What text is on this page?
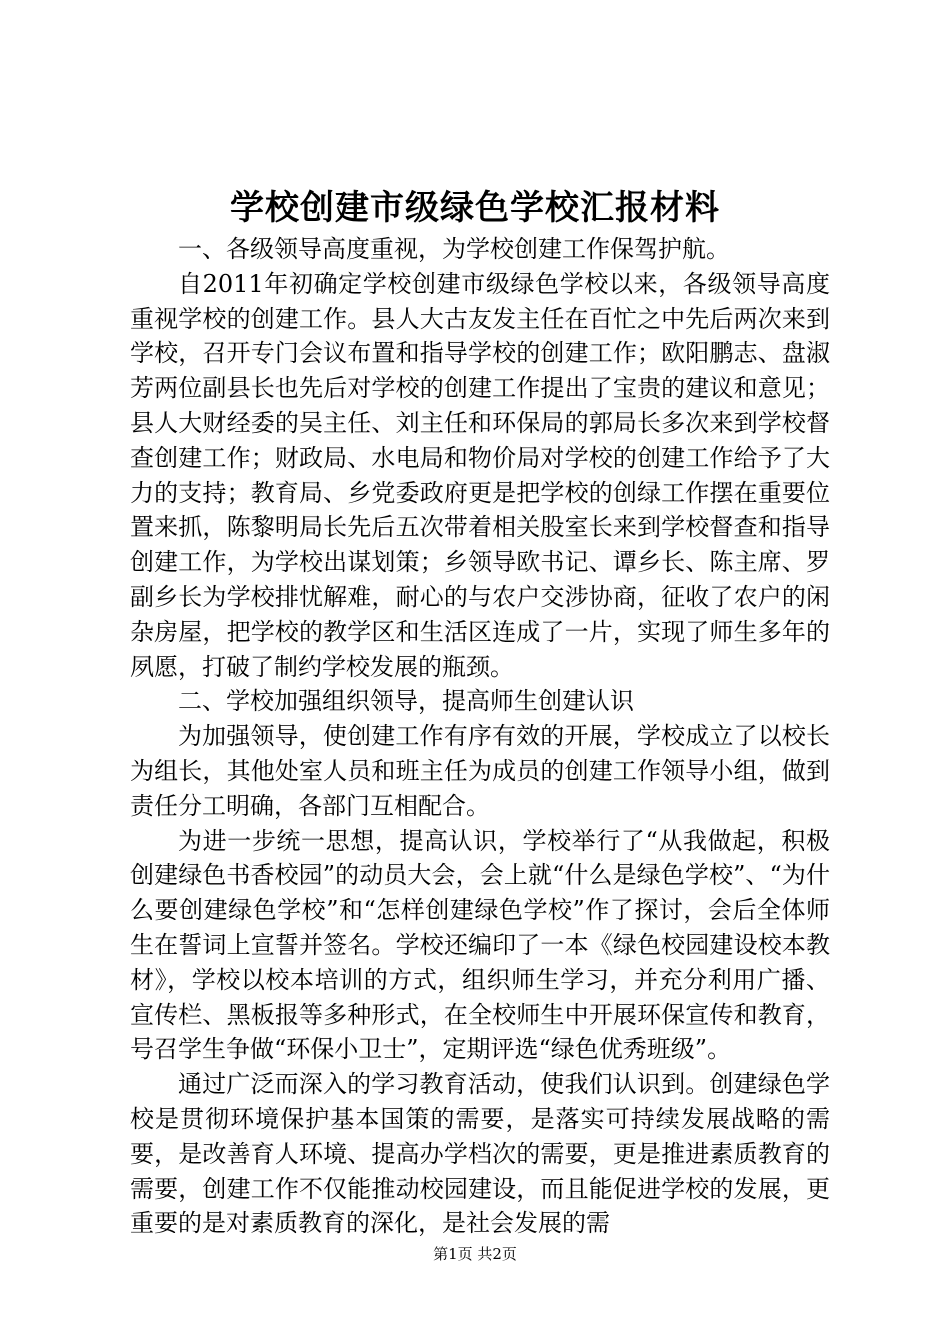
学校创建市级绿色学校汇报材料

一、各级领导高度重视，为学校创建工作保驾护航。

自2011年初确定学校创建市级绿色学校以来，各级领导高度重视学校的创建工作。县人大古友发主任在百忙之中先后两次来到学校，召开专门会议布置和指导学校的创建工作；欧阳鹏志、盘淑芳两位副县长也先后对学校的创建工作提出了宝贵的建议和意见；县人大财经委的吴主任、刘主任和环保局的郭局长多次来到学校督查创建工作；财政局、水电局和物价局对学校的创建工作给予了大力的支持；教育局、乡党委政府更是把学校的创绿工作摆在重要位置来抓，陈黎明局长先后五次带着相关股室长来到学校督查和指导创建工作，为学校出谋划策；乡领导欧书记、谭乡长、陈主席、罗副乡长为学校排忧解难，耐心的与农户交涉协商，征收了农户的闲杂房屋，把学校的教学区和生活区连成了一片，实现了师生多年的夙愿，打破了制约学校发展的瓶颈。

二、学校加强组织领导，提高师生创建认识

为加强领导，使创建工作有序有效的开展，学校成立了以校长为组长，其他处室人员和班主任为成员的创建工作领导小组，做到责任分工明确，各部门互相配合。

为进一步统一思想，提高认识，学校举行了“从我做起，积极创建绿色书香校园”的动员大会，会上就“什么是绿色学校”、“为什么要创建绿色学校”和“怎样创建绿色学校”作了探讨，会后全体师生在誓词上宣誓并签名。学校还编印了一本《绿色校园建设校本教材》，学校以校本培训的方式，组织师生学习，并充分利用广播、宣传栏、黑板报等多种形式，在全校师生中开展环保宣传和教育，号召学生争做“环保小卫士”，定期评选“绿色优秀班级”。

通过广泛而深入的学习教育活动，使我们认识到。创建绿色学校是贯彻环境保护基本国策的需要，是落实可持续发展战略的需要，是改善育人环境、提高办学档次的需要，更是推进素质教育的需要，创建工作不仅能推动校园建设，而且能促进学校的发展，更重要的是对素质教育的深化，是社会发展的需

第1页 共2页
